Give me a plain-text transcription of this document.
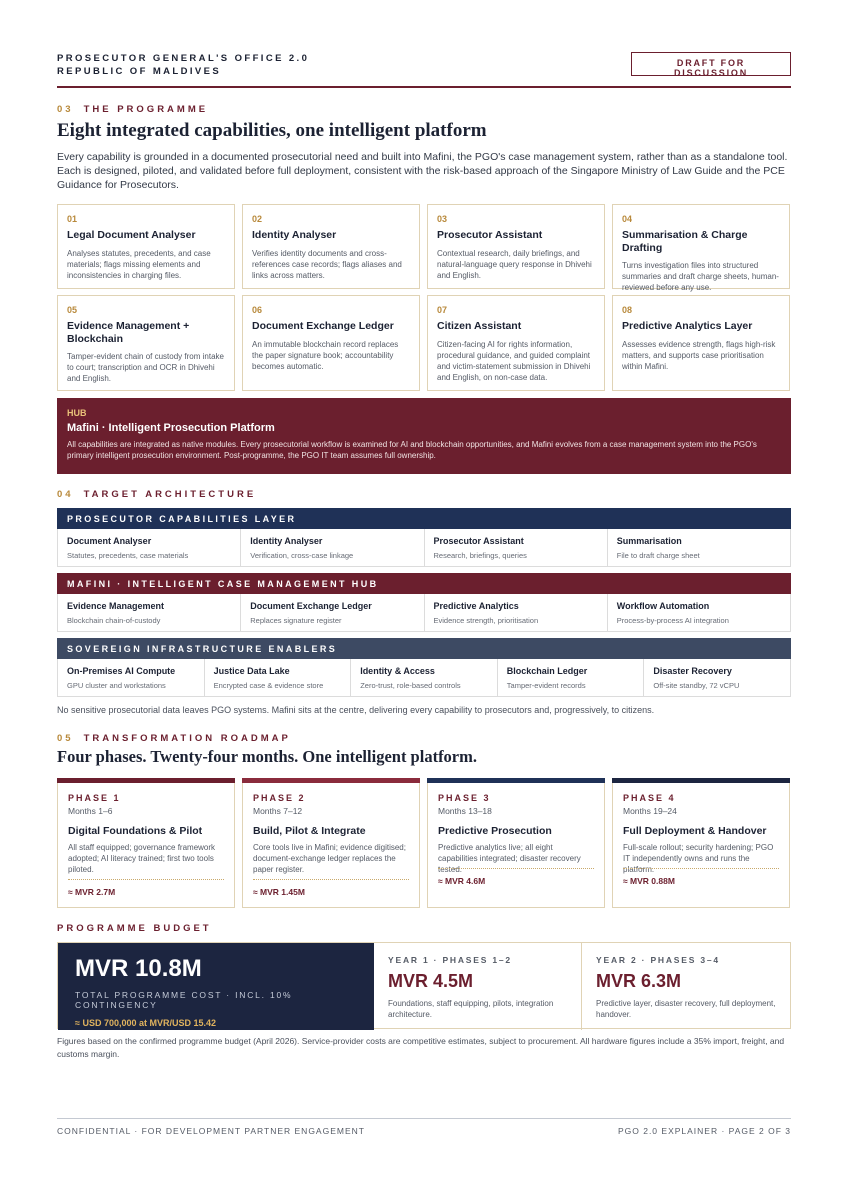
PROSECUTOR GENERAL'S OFFICE 2.0
REPUBLIC OF MALDIVES
DRAFT FOR DISCUSSION
03 THE PROGRAMME
Eight integrated capabilities, one intelligent platform
Every capability is grounded in a documented prosecutorial need and built into Mafini, the PGO's case management system, rather than as a standalone tool. Each is designed, piloted, and validated before full deployment, consistent with the risk-based approach of the Singapore Ministry of Law Guide and the PCE Guidance for Prosecutors.
01
Legal Document Analyser
Analyses statutes, precedents, and case materials; flags missing elements and inconsistencies in charging files.
02
Identity Analyser
Verifies identity documents and cross-references case records; flags aliases and links across matters.
03
Prosecutor Assistant
Contextual research, daily briefings, and natural-language query response in Dhivehi and English.
04
Summarisation & Charge Drafting
Turns investigation files into structured summaries and draft charge sheets, human-reviewed before any use.
05
Evidence Management + Blockchain
Tamper-evident chain of custody from intake to court; transcription and OCR in Dhivehi and English.
06
Document Exchange Ledger
An immutable blockchain record replaces the paper signature book; accountability becomes automatic.
07
Citizen Assistant
Citizen-facing AI for rights information, procedural guidance, and guided complaint and victim-statement submission in Dhivehi and English, on non-case data.
08
Predictive Analytics Layer
Assesses evidence strength, flags high-risk matters, and supports case prioritisation within Mafini.
HUB
Mafini · Intelligent Prosecution Platform
All capabilities are integrated as native modules. Every prosecutorial workflow is examined for AI and blockchain opportunities, and Mafini evolves from a case management system into the PGO's primary intelligent prosecution environment. Post-programme, the PGO IT team assumes full ownership.
04 TARGET ARCHITECTURE
PROSECUTOR CAPABILITIES LAYER
Document Analyser
Statutes, precedents, case materials
Identity Analyser
Verification, cross-case linkage
Prosecutor Assistant
Research, briefings, queries
Summarisation
File to draft charge sheet
MAFINI · INTELLIGENT CASE MANAGEMENT HUB
Evidence Management
Blockchain chain-of-custody
Document Exchange Ledger
Replaces signature register
Predictive Analytics
Evidence strength, prioritisation
Workflow Automation
Process-by-process AI integration
SOVEREIGN INFRASTRUCTURE ENABLERS
On-Premises AI Compute
GPU cluster and workstations
Justice Data Lake
Encrypted case & evidence store
Identity & Access
Zero-trust, role-based controls
Blockchain Ledger
Tamper-evident records
Disaster Recovery
Off-site standby, 72 vCPU
No sensitive prosecutorial data leaves PGO systems. Mafini sits at the centre, delivering every capability to prosecutors and, progressively, to citizens.
05 TRANSFORMATION ROADMAP
Four phases. Twenty-four months. One intelligent platform.
PHASE 1
Months 1–6
Digital Foundations & Pilot
All staff equipped; governance framework adopted; AI literacy trained; first two tools piloted.
≈ MVR 2.7M
PHASE 2
Months 7–12
Build, Pilot & Integrate
Core tools live in Mafini; evidence digitised; document-exchange ledger replaces the paper register.
≈ MVR 1.45M
PHASE 3
Months 13–18
Predictive Prosecution
Predictive analytics live; all eight capabilities integrated; disaster recovery tested.
≈ MVR 4.6M
PHASE 4
Months 19–24
Full Deployment & Handover
Full-scale rollout; security hardening; PGO IT independently owns and runs the platform.
≈ MVR 0.88M
PROGRAMME BUDGET
MVR 10.8M
TOTAL PROGRAMME COST · INCL. 10% CONTINGENCY
≈ USD 700,000 at MVR/USD 15.42
YEAR 1 · PHASES 1–2
MVR 4.5M
Foundations, staff equipping, pilots, integration architecture.
YEAR 2 · PHASES 3–4
MVR 6.3M
Predictive layer, disaster recovery, full deployment, handover.
Figures based on the confirmed programme budget (April 2026). Service-provider costs are competitive estimates, subject to procurement. All hardware figures include a 35% import, freight, and customs margin.
CONFIDENTIAL · FOR DEVELOPMENT PARTNER ENGAGEMENT	PGO 2.0 EXPLAINER · PAGE 2 OF 3
